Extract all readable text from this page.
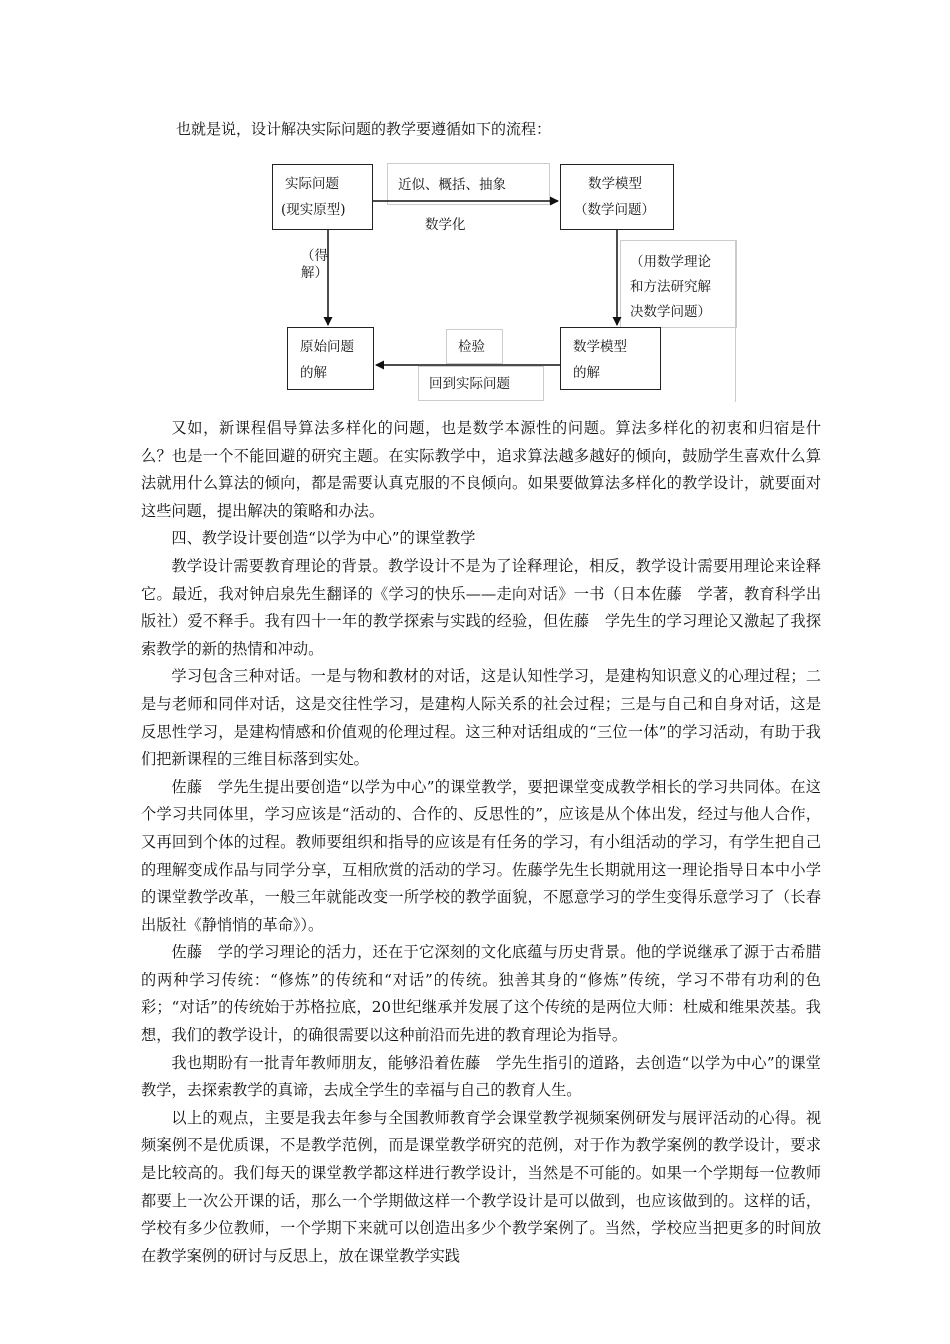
也就是说，设计解决实际问题的教学要遵循如下的流程：
实际问题
(现实原型)
数学模型
（数学问题）
数学模型
的解
原始问题
的解
近似、概括、抽象
数学化
（用数学理论
和方法研究解
决数学问题）
检验
回到实际问题
（得解）

又如，新课程倡导算法多样化的问题，也是数学本源性的问题。算法多样化的初衷和归宿是什么？也是一个不能回避的研究主题。在实际教学中，追求算法越多越好的倾向，鼓励学生喜欢什么算法就用什么算法的倾向，都是需要认真克服的不良倾向。如果要做算法多样化的教学设计，就要面对这些问题，提出解决的策略和办法。

四、教学设计要创造“以学为中心”的课堂教学

教学设计需要教育理论的背景。教学设计不是为了诠释理论，相反，教学设计需要用理论来诠释它。最近，我对钟启泉先生翻译的《学习的快乐——走向对话》一书（日本佐藤　学著，教育科学出版社）爱不释手。我有四十一年的教学探索与实践的经验，但佐藤　学先生的学习理论又激起了我探索教学的新的热情和冲动。

学习包含三种对话。一是与物和教材的对话，这是认知性学习，是建构知识意义的心理过程；二是与老师和同伴对话，这是交往性学习，是建构人际关系的社会过程；三是与自己和自身对话，这是反思性学习，是建构情感和价值观的伦理过程。这三种对话组成的“三位一体”的学习活动，有助于我们把新课程的三维目标落到实处。

佐藤　学先生提出要创造“以学为中心”的课堂教学，要把课堂变成教学相长的学习共同体。在这个学习共同体里，学习应该是“活动的、合作的、反思性的”，应该是从个体出发，经过与他人合作，又再回到个体的过程。教师要组织和指导的应该是有任务的学习，有小组活动的学习，有学生把自己的理解变成作品与同学分享，互相欣赏的活动的学习。佐藤学先生长期就用这一理论指导日本中小学的课堂教学改革，一般三年就能改变一所学校的教学面貌，不愿意学习的学生变得乐意学习了（长春出版社《静悄悄的革命》）。

佐藤　学的学习理论的活力，还在于它深刻的文化底蕴与历史背景。他的学说继承了源于古希腊的两种学习传统：“修炼”的传统和“对话”的传统。独善其身的“修炼”传统，学习不带有功利的色彩；“对话”的传统始于苏格拉底，20世纪继承并发展了这个传统的是两位大师：杜威和维果茨基。我想，我们的教学设计，的确很需要以这种前沿而先进的教育理论为指导。

我也期盼有一批青年教师朋友，能够沿着佐藤　学先生指引的道路，去创造“以学为中心”的课堂教学，去探索教学的真谛，去成全学生的幸福与自己的教育人生。

以上的观点，主要是我去年参与全国教师教育学会课堂教学视频案例研发与展评活动的心得。视频案例不是优质课，不是教学范例，而是课堂教学研究的范例，对于作为教学案例的教学设计，要求是比较高的。我们每天的课堂教学都这样进行教学设计，当然是不可能的。如果一个学期每一位教师都要上一次公开课的话，那么一个学期做这样一个教学设计是可以做到，也应该做到的。这样的话，学校有多少位教师，一个学期下来就可以创造出多少个教学案例了。当然，学校应当把更多的时间放在教学案例的研讨与反思上，放在课堂教学实践
